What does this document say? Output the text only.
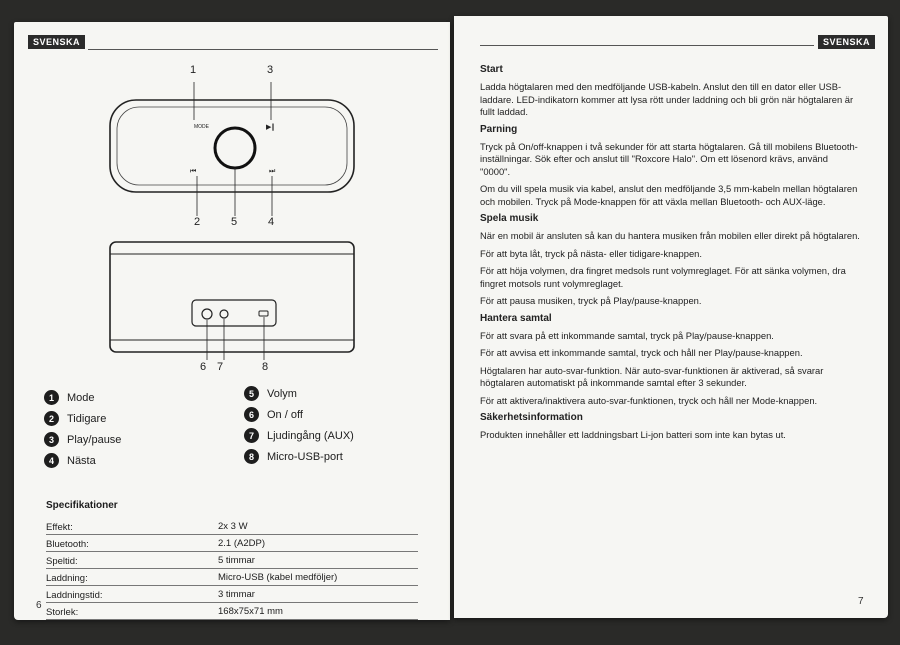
SVENSKA
MODE	▶‖
⏮	⏭
1	3
2	5	4
6 7	8
1	Mode
2	Tidigare
3	Play/pause
4	Nästa
5	Volym
6	On / off
7	Ljudingång (AUX)
8	Micro-USB-port
Specifikationer
Effekt:	2x 3 W
Bluetooth:	2.1 (A2DP)
Speltid:	5 timmar
Laddning:	Micro-USB (kabel medföljer)
Laddningstid:	3 timmar
Storlek:	168x75x71 mm
6
SVENSKA
Start

Ladda högtalaren med den medföljande USB-kabeln. Anslut den till en dator eller USB-laddare. LED-indikatorn kommer att lysa rött under laddning och bli grön när högtalaren är fullt laddad.

Parning

Tryck på On/off-knappen i två sekunder för att starta högtalaren. Gå till mobilens Bluetooth-inställningar. Sök efter och anslut till "Roxcore Halo". Om ett lösenord krävs, använd "0000".

Om du vill spela musik via kabel, anslut den medföljande 3,5 mm-kabeln mellan högtalaren och mobilen. Tryck på Mode-knappen för att växla mellan Bluetooth- och AUX-läge.

Spela musik

När en mobil är ansluten så kan du hantera musiken från mobilen eller direkt på högtalaren.

För att byta låt, tryck på nästa- eller tidigare-knappen.

För att höja volymen, dra fingret medsols runt volymreglaget. För att sänka volymen, dra fingret motsols runt volymreglaget.

För att pausa musiken, tryck på Play/pause-knappen.

Hantera samtal

För att svara på ett inkommande samtal, tryck på Play/pause-knappen.

För att avvisa ett inkommande samtal, tryck och håll ner Play/pause-knappen.

Högtalaren har auto-svar-funktion. När auto-svar-funktionen är aktiverad, så svarar högtalaren automatiskt på inkommande samtal efter 3 sekunder.

För att aktivera/inaktivera auto-svar-funktionen, tryck och håll ner Mode-knappen.

Säkerhetsinformation

Produkten innehåller ett laddningsbart Li-jon batteri som inte kan bytas ut.

7
